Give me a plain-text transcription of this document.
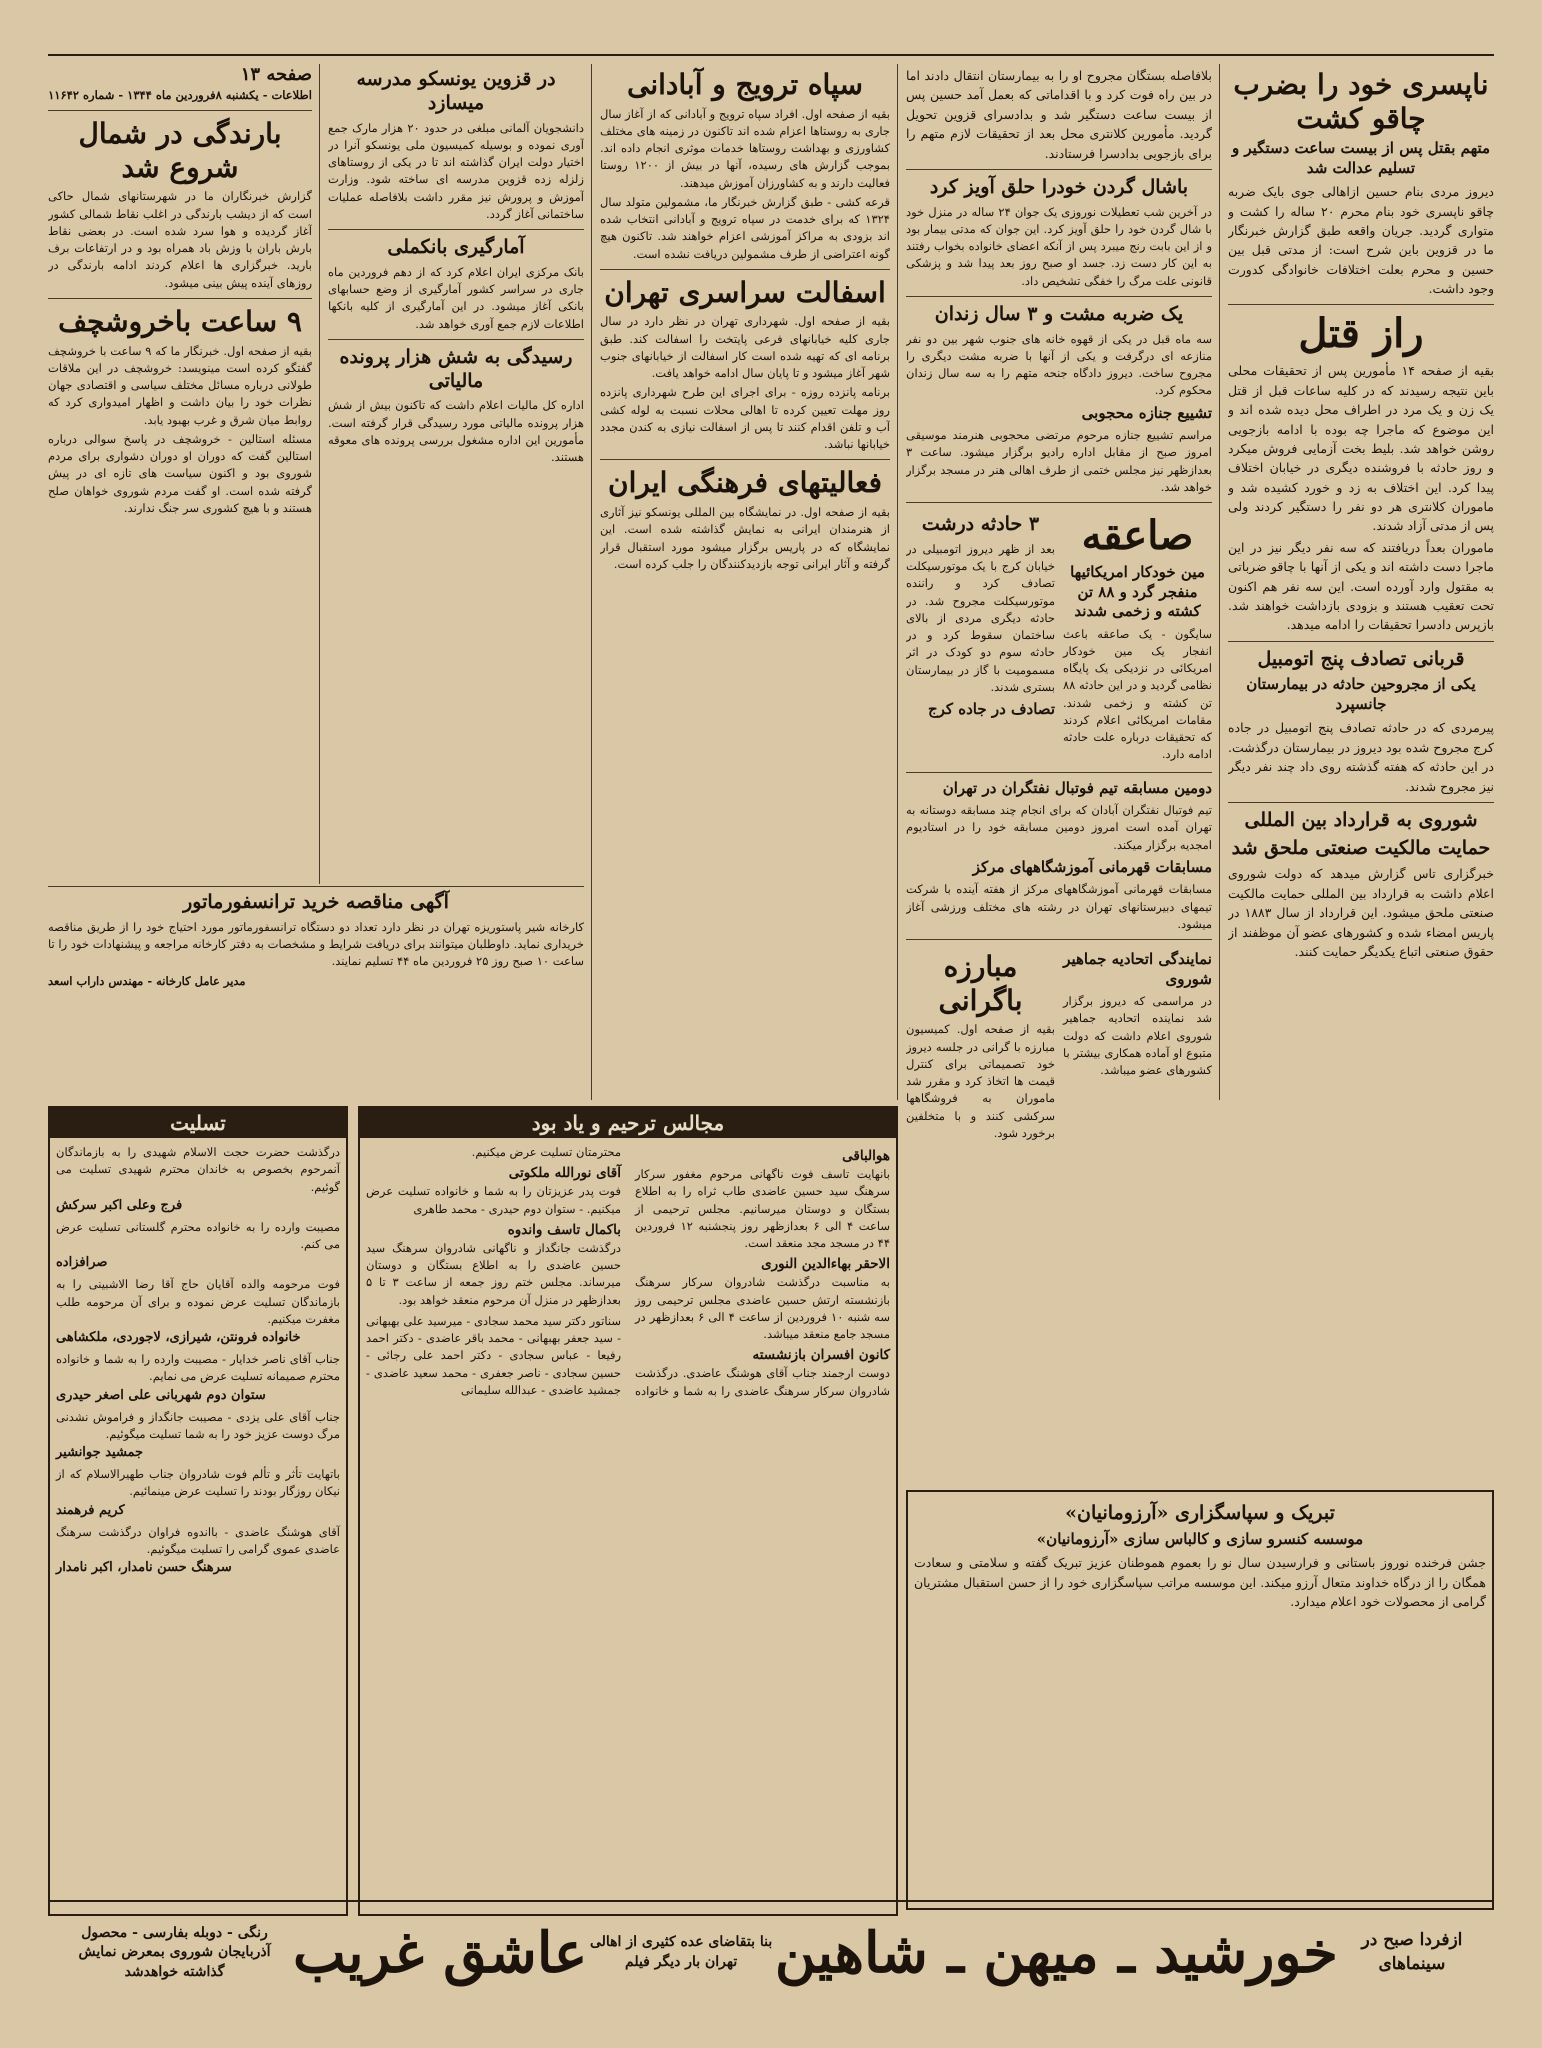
ناپسری خود را بضرب چاقو کشت
متهم بقتل پس از بیست ساعت دستگیر و تسلیم عدالت شد

دیروز مردی بنام حسین ازاهالی جوی بایک ضربه چاقو ناپسری خود بنام محرم ۲۰ ساله را کشت و متواری گردید. جریان واقعه طبق گزارش خبرنگار ما در قزوین باین شرح است: از مدتی قبل بین حسین و محرم بعلت اختلافات خانوادگی کدورت وجود داشت.

راز قتل

بقیه از صفحه ۱۴ مأمورین پس از تحقیقات محلی باین نتیجه رسیدند که در کلیه ساعات قبل از قتل یک زن و یک مرد در اطراف محل دیده شده اند و این موضوع که ماجرا چه بوده با ادامه بازجویی روشن خواهد شد. بلیط بخت آزمایی فروش میکرد و روز حادثه با فروشنده دیگری در خیابان اختلاف پیدا کرد. این اختلاف به زد و خورد کشیده شد و ماموران کلانتری هر دو نفر را دستگیر کردند ولی پس از مدتی آزاد شدند.

ماموران بعداً دریافتند که سه نفر دیگر نیز در این ماجرا دست داشته اند و یکی از آنها با چاقو ضرباتی به مقتول وارد آورده است. این سه نفر هم اکنون تحت تعقیب هستند و بزودی بازداشت خواهند شد. بازپرس دادسرا تحقیقات را ادامه میدهد.

قربانی تصادف پنج اتومبیل
یکی از مجروحین حادثه در بیمارستان جانسپرد

پیرمردی که در حادثه تصادف پنج اتومبیل در جاده کرج مجروح شده بود دیروز در بیمارستان درگذشت. در این حادثه که هفته گذشته روی داد چند نفر دیگر نیز مجروح شدند.

شوروی به قرارداد بین المللی
حمایت مالکیت صنعتی ملحق شد

خبرگزاری تاس گزارش میدهد که دولت شوروی اعلام داشت به قرارداد بین المللی حمایت مالکیت صنعتی ملحق میشود. این قرارداد از سال ۱۸۸۳ در پاریس امضاء شده و کشورهای عضو آن موظفند از حقوق صنعتی اتباع یکدیگر حمایت کنند.

بلافاصله بستگان مجروح او را به بیمارستان انتقال دادند اما در بین راه فوت کرد و با اقداماتی که بعمل آمد حسین پس از بیست ساعت دستگیر شد و بدادسرای قزوین تحویل گردید. مأمورین کلانتری محل بعد از تحقیقات لازم متهم را برای بازجویی بدادسرا فرستادند.

باشال گردن خودرا حلق آویز کرد

در آخرین شب تعطیلات نوروزی یک جوان ۲۴ ساله در منزل خود با شال گردن خود را حلق آویز کرد. این جوان که مدتی بیمار بود و از این بابت رنج میبرد پس از آنکه اعضای خانواده بخواب رفتند به این کار دست زد. جسد او صبح روز بعد پیدا شد و پزشکی قانونی علت مرگ را خفگی تشخیص داد.

یک ضربه مشت و ۳ سال زندان

سه ماه قبل در یکی از قهوه خانه های جنوب شهر بین دو نفر منازعه ای درگرفت و یکی از آنها با ضربه مشت دیگری را مجروح ساخت. دیروز دادگاه جنحه متهم را به سه سال زندان محکوم کرد.

تشییع جنازه محجوبی

مراسم تشییع جنازه مرحوم مرتضی محجوبی هنرمند موسیقی امروز صبح از مقابل اداره رادیو برگزار میشود. ساعت ۳ بعدازظهر نیز مجلس ختمی از طرف اهالی هنر در مسجد برگزار خواهد شد.

صاعقه
مین خودکار امریکائیها منفجر گرد و ۸۸ تن کشته و زخمی شدند

سایگون - یک صاعقه باعث انفجار یک مین خودکار امریکائی در نزدیکی یک پایگاه نظامی گردید و در این حادثه ۸۸ تن کشته و زخمی شدند. مقامات امریکائی اعلام کردند که تحقیقات درباره علت حادثه ادامه دارد.

۳ حادثه درشت

بعد از ظهر دیروز اتومبیلی در خیابان کرج با یک موتورسیکلت تصادف کرد و راننده موتورسیکلت مجروح شد. در حادثه دیگری مردی از بالای ساختمان سقوط کرد و در حادثه سوم دو کودک در اثر مسمومیت با گاز در بیمارستان بستری شدند.

تصادف در جاده کرج
دومین مسابقه تیم فوتبال نفتگران در تهران

تیم فوتبال نفتگران آبادان که برای انجام چند مسابقه دوستانه به تهران آمده است امروز دومین مسابقه خود را در استادیوم امجدیه برگزار میکند.

مسابقات قهرمانی آموزشگاههای مرکز

مسابقات قهرمانی آموزشگاههای مرکز از هفته آینده با شرکت تیمهای دبیرستانهای تهران در رشته های مختلف ورزشی آغاز میشود.

نمایندگی اتحادیه جماهیر شوروی

در مراسمی که دیروز برگزار شد نماینده اتحادیه جماهیر شوروی اعلام داشت که دولت متبوع او آماده همکاری بیشتر با کشورهای عضو میباشد.

مبارزه باگرانی

بقیه از صفحه اول. کمیسیون مبارزه با گرانی در جلسه دیروز خود تصمیماتی برای کنترل قیمت ها اتخاذ کرد و مقرر شد ماموران به فروشگاهها سرکشی کنند و با متخلفین برخورد شود.

سپاه ترویج و آبادانی

بقیه از صفحه اول. افراد سپاه ترویج و آبادانی که از آغاز سال جاری به روستاها اعزام شده اند تاکنون در زمینه های مختلف کشاورزی و بهداشت روستاها خدمات موثری انجام داده اند. بموجب گزارش های رسیده، آنها در بیش از ۱۲۰۰ روستا فعالیت دارند و به کشاورزان آموزش میدهند.

قرعه کشی - طبق گزارش خبرنگار ما، مشمولین متولد سال ۱۳۲۴ که برای خدمت در سپاه ترویج و آبادانی انتخاب شده اند بزودی به مراکز آموزشی اعزام خواهند شد. تاکنون هیچ گونه اعتراضی از طرف مشمولین دریافت نشده است.

اسفالت سراسری تهران

بقیه از صفحه اول. شهرداری تهران در نظر دارد در سال جاری کلیه خیابانهای فرعی پایتخت را اسفالت کند. طبق برنامه ای که تهیه شده است کار اسفالت از خیابانهای جنوب شهر آغاز میشود و تا پایان سال ادامه خواهد یافت.

برنامه پانزده روزه - برای اجرای این طرح شهرداری پانزده روز مهلت تعیین کرده تا اهالی محلات نسبت به لوله کشی آب و تلفن اقدام کنند تا پس از اسفالت نیازی به کندن مجدد خیابانها نباشد.

فعالیتهای فرهنگی ایران

بقیه از صفحه اول. در نمایشگاه بین المللی یونسکو نیز آثاری از هنرمندان ایرانی به نمایش گذاشته شده است. این نمایشگاه که در پاریس برگزار میشود مورد استقبال قرار گرفته و آثار ایرانی توجه بازدیدکنندگان را جلب کرده است.

در قزوین یونسکو مدرسه میسازد

دانشجویان آلمانی مبلغی در حدود ۲۰ هزار مارک جمع آوری نموده و بوسیله کمیسیون ملی یونسکو آنرا در اختیار دولت ایران گذاشته اند تا در یکی از روستاهای زلزله زده قزوین مدرسه ای ساخته شود. وزارت آموزش و پرورش نیز مقرر داشت بلافاصله عملیات ساختمانی آغاز گردد.

آمارگیری بانکملی

بانک مرکزی ایران اعلام کرد که از دهم فروردین ماه جاری در سراسر کشور آمارگیری از وضع حسابهای بانکی آغاز میشود. در این آمارگیری از کلیه بانکها اطلاعات لازم جمع آوری خواهد شد.

رسیدگی به شش هزار پرونده مالیاتی

اداره کل مالیات اعلام داشت که تاکنون بیش از شش هزار پرونده مالیاتی مورد رسیدگی قرار گرفته است. مأمورین این اداره مشغول بررسی پرونده های معوقه هستند.

صفحه ۱۳
اطلاعات - یکشنبه ۸فروردین ماه ۱۳۴۴ - شماره ۱۱۶۴۲
بارندگی در شمال شروع شد

گزارش خبرنگاران ما در شهرستانهای شمال حاکی است که از دیشب بارندگی در اغلب نقاط شمالی کشور آغاز گردیده و هوا سرد شده است. در بعضی نقاط بارش باران با وزش باد همراه بود و در ارتفاعات برف بارید. خبرگزاری ها اعلام کردند ادامه بارندگی در روزهای آینده پیش بینی میشود.

۹ ساعت باخروشچف

بقیه از صفحه اول. خبرنگار ما که ۹ ساعت با خروشچف گفتگو کرده است مینویسد: خروشچف در این ملاقات طولانی درباره مسائل مختلف سیاسی و اقتصادی جهان نظرات خود را بیان داشت و اظهار امیدواری کرد که روابط میان شرق و غرب بهبود یابد.

مسئله استالین - خروشچف در پاسخ سوالی درباره استالین گفت که دوران او دوران دشواری برای مردم شوروی بود و اکنون سیاست های تازه ای در پیش گرفته شده است. او گفت مردم شوروی خواهان صلح هستند و با هیچ کشوری سر جنگ ندارند.

آگهی مناقصه خرید ترانسفورماتور

کارخانه شیر پاستوریزه تهران در نظر دارد تعداد دو دستگاه ترانسفورماتور مورد احتیاج خود را از طریق مناقصه خریداری نماید. داوطلبان میتوانند برای دریافت شرایط و مشخصات به دفتر کارخانه مراجعه و پیشنهادات خود را تا ساعت ۱۰ صبح روز ۲۵ فروردین ماه ۴۴ تسلیم نمایند.

مدیر عامل کارخانه - مهندس داراب اسعد
تبریک و سپاسگزاری «آرزومانیان»
موسسه کنسرو سازی و کالباس سازی «آرزومانیان»

جشن فرخنده نوروز باستانی و فرارسیدن سال نو را بعموم هموطنان عزیز تبریک گفته و سلامتی و سعادت همگان را از درگاه خداوند متعال آرزو میکند. این موسسه مراتب سپاسگزاری خود را از حسن استقبال مشتریان گرامی از محصولات خود اعلام میدارد.

مجالس ترحیم و یاد بود
هوالباقی

بانهایت تاسف فوت ناگهانی مرحوم مغفور سرکار سرهنگ سید حسین عاضدی طاب ثراه را به اطلاع بستگان و دوستان میرسانیم. مجلس ترحیمی از ساعت ۴ الی ۶ بعدازظهر روز پنجشنبه ۱۲ فروردین ۴۴ در مسجد مجد منعقد است.

الاحقر بهاءالدین النوری

به مناسبت درگذشت شادروان سرکار سرهنگ بازنشسته ارتش حسین عاضدی مجلس ترحیمی روز سه شنبه ۱۰ فروردین از ساعت ۴ الی ۶ بعدازظهر در مسجد جامع منعقد میباشد.

کانون افسران بازنشسته

دوست ارجمند جناب آقای هوشنگ عاضدی. درگذشت شادروان سرکار سرهنگ عاضدی را به شما و خانواده محترمتان تسلیت عرض میکنیم.

آقای نورالله ملکوتی

فوت پدر عزیزتان را به شما و خانواده تسلیت عرض میکنیم. - ستوان دوم حیدری - محمد طاهری

باکمال تاسف واندوه

درگذشت جانگداز و ناگهانی شادروان سرهنگ سید حسین عاضدی را به اطلاع بستگان و دوستان میرساند. مجلس ختم روز جمعه از ساعت ۳ تا ۵ بعدازظهر در منزل آن مرحوم منعقد خواهد بود.

سناتور دکتر سید محمد سجادی - میرسید علی بهبهانی - سید جعفر بهبهانی - محمد باقر عاضدی - دکتر احمد رفیعا - عباس سجادی - دکتر احمد علی رجائی - حسین سجادی - ناصر جعفری - محمد سعید عاضدی - جمشید عاضدی - عبدالله سلیمانی

تسلیت

درگذشت حضرت حجت الاسلام شهیدی را به بازماندگان آنمرحوم بخصوص به خاندان محترم شهیدی تسلیت می گوئیم.

فرج وعلی اکبر سرکش

مصیبت وارده را به خانواده محترم گلستانی تسلیت عرض می کنم.

صرافزاده

فوت مرحومه والده آقایان حاج آقا رضا الاشبینی را به بازماندگان تسلیت عرض نموده و برای آن مرحومه طلب مغفرت میکنیم.

خانواده فرونتن، شیرازی، لاجوردی، ملکشاهی

جناب آقای ناصر خدایار - مصیبت وارده را به شما و خانواده محترم صمیمانه تسلیت عرض می نمایم.

ستوان دوم شهربانی علی اصغر حیدری

جناب آقای علی یزدی - مصیبت جانگداز و فراموش نشدنی مرگ دوست عزیز خود را به شما تسلیت میگوئیم.

جمشید جوانشیر

باتهایت تأثر و تألم فوت شادروان جناب طهیرالاسلام که از نیکان روزگار بودند را تسلیت عرض مینمائیم.

کریم فرهمند

آقای هوشنگ عاضدی - بااندوه فراوان درگذشت سرهنگ عاضدی عموی گرامی را تسلیت میگوئیم.

سرهنگ حسن نامدار، اکبر نامدار
ازفردا صبح در سینماهای
خورشید ـ میهن ـ شاهین
بنا بتقاضای عده کثیری از اهالی تهران بار دیگر فیلم
عاشق غریب
رنگی - دوبله بفارسی - محصول آذربایجان شوروی بمعرض نمایش گذاشته خواهدشد
